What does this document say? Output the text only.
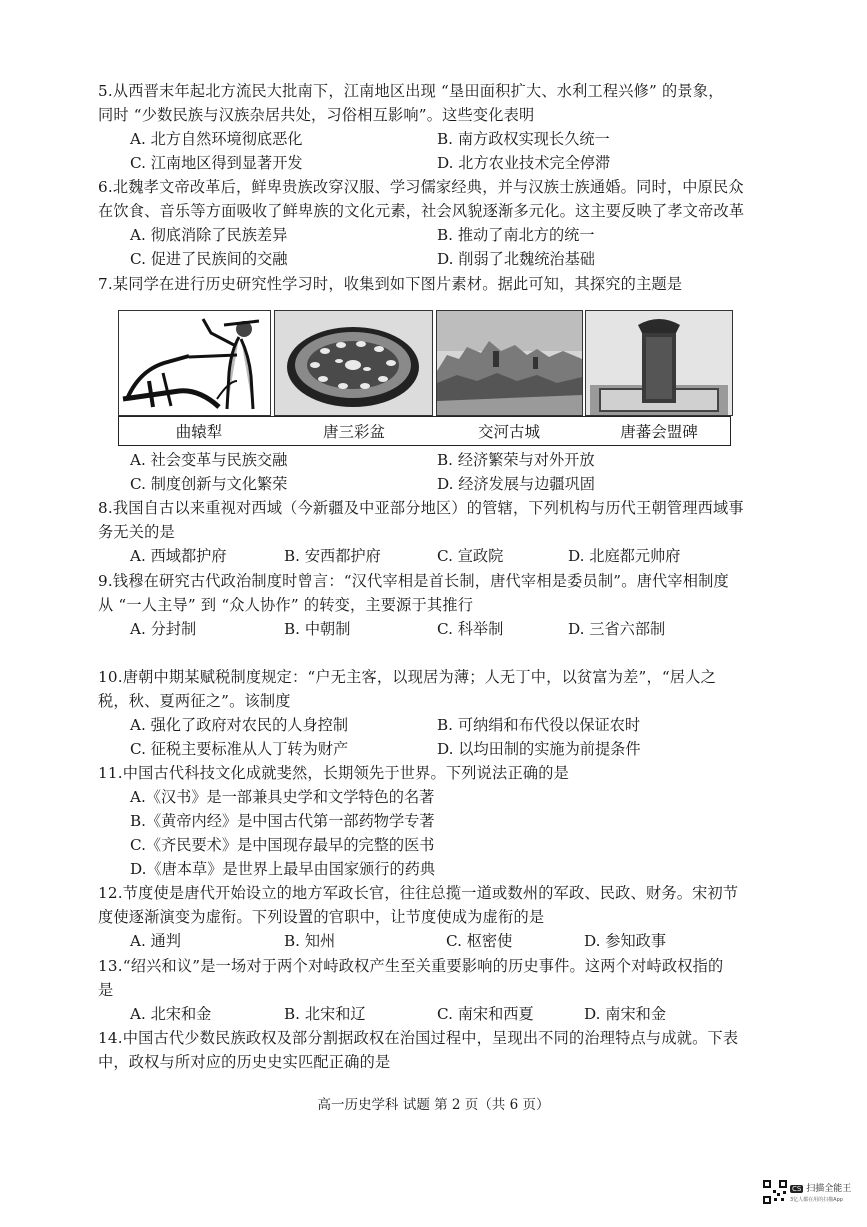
5.从西晋末年起北方流民大批南下，江南地区出现 “垦田面积扩大、水利工程兴修” 的景象，
同时 “少数民族与汉族杂居共处，习俗相互影响”。这些变化表明
A. 北方自然环境彻底恶化	B. 南方政权实现长久统一
C. 江南地区得到显著开发	D. 北方农业技术完全停滞
6.北魏孝文帝改革后，鲜卑贵族改穿汉服、学习儒家经典，并与汉族士族通婚。同时，中原民众
在饮食、音乐等方面吸收了鲜卑族的文化元素，社会风貌逐渐多元化。这主要反映了孝文帝改革
A. 彻底消除了民族差异	B. 推动了南北方的统一
C. 促进了民族间的交融	D. 削弱了北魏统治基础
7.某同学在进行历史研究性学习时，收集到如下图片素材。据此可知，其探究的主题是
曲辕犁	唐三彩盆	交河古城	唐蕃会盟碑
A. 社会变革与民族交融	B. 经济繁荣与对外开放
C. 制度创新与文化繁荣	D. 经济发展与边疆巩固
8.我国自古以来重视对西域（今新疆及中亚部分地区）的管辖，下列机构与历代王朝管理西域事
务无关的是
A. 西域都护府	B. 安西都护府	C. 宣政院	D. 北庭都元帅府
9.钱穆在研究古代政治制度时曾言：“汉代宰相是首长制，唐代宰相是委员制”。唐代宰相制度
从 “一人主导” 到 “众人协作” 的转变，主要源于其推行
A. 分封制	B. 中朝制	C. 科举制	D. 三省六部制
10.唐朝中期某赋税制度规定：“户无主客，以现居为薄；人无丁中，以贫富为差”，“居人之
税，秋、夏两征之”。该制度
A. 强化了政府对农民的人身控制	B. 可纳绢和布代役以保证农时
C. 征税主要标准从人丁转为财产	D. 以均田制的实施为前提条件
11.中国古代科技文化成就斐然，长期领先于世界。下列说法正确的是
A.《汉书》是一部兼具史学和文学特色的名著
B.《黄帝内经》是中国古代第一部药物学专著
C.《齐民要术》是中国现存最早的完整的医书
D.《唐本草》是世界上最早由国家颁行的药典
12.节度使是唐代开始设立的地方军政长官，往往总揽一道或数州的军政、民政、财务。宋初节
度使逐渐演变为虚衔。下列设置的官职中，让节度使成为虚衔的是
A. 通判	B. 知州	C. 枢密使	D. 参知政事
13.“绍兴和议”是一场对于两个对峙政权产生至关重要影响的历史事件。这两个对峙政权指的
是
A. 北宋和金	B. 北宋和辽	C. 南宋和西夏	D. 南宋和金
14.中国古代少数民族政权及部分割据政权在治国过程中，呈现出不同的治理特点与成就。下表
中，政权与所对应的历史史实匹配正确的是
高一历史学科 试题 第 2 页（共 6 页）
CS 扫描全能王
3亿人都在用的扫描App
